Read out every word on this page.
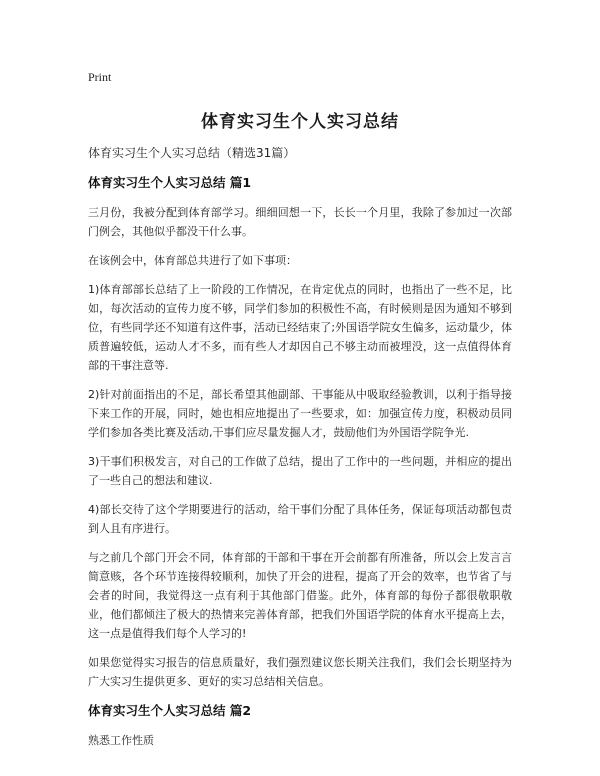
Print
体育实习生个人实习总结
体育实习生个人实习总结（精选31篇）
体育实习生个人实习总结 篇1

三月份，我被分配到体育部学习。细细回想一下，长长一个月里，我除了参加过一次部门例会，其他似乎都没干什么事。

在该例会中，体育部总共进行了如下事项：

1)体育部部长总结了上一阶段的工作情况，在肯定优点的同时，也指出了一些不足，比如，每次活动的宣传力度不够，同学们参加的积极性不高，有时候则是因为通知不够到位，有些同学还不知道有这件事，活动已经结束了;外国语学院女生偏多，运动量少，体质普遍较低，运动人才不多，而有些人才却因自己不够主动而被埋没，这一点值得体育部的干事注意等.

2)针对前面指出的不足，部长希望其他副部、干事能从中吸取经验教训，以利于指导接下来工作的开展，同时，她也相应地提出了一些要求，如：加强宣传力度，积极动员同学们参加各类比赛及活动,干事们应尽量发掘人才，鼓励他们为外国语学院争光.

3)干事们积极发言，对自己的工作做了总结，提出了工作中的一些问题，并相应的提出了一些自己的想法和建议.

4)部长交待了这个学期要进行的活动，给干事们分配了具体任务，保证每项活动都包责到人且有序进行。

与之前几个部门开会不同，体育部的干部和干事在开会前都有所准备，所以会上发言言简意赅，各个环节连接得较顺利，加快了开会的进程，提高了开会的效率，也节省了与会者的时间，我觉得这一点有利于其他部门借鉴。此外，体育部的每份子都很敬职敬业，他们都倾注了极大的热情来完善体育部，把我们外国语学院的体育水平提高上去，这一点是值得我们每个人学习的!

如果您觉得实习报告的信息质量好，我们强烈建议您长期关注我们，我们会长期坚持为广大实习生提供更多、更好的实习总结相关信息。

体育实习生个人实习总结 篇2

熟悉工作性质
